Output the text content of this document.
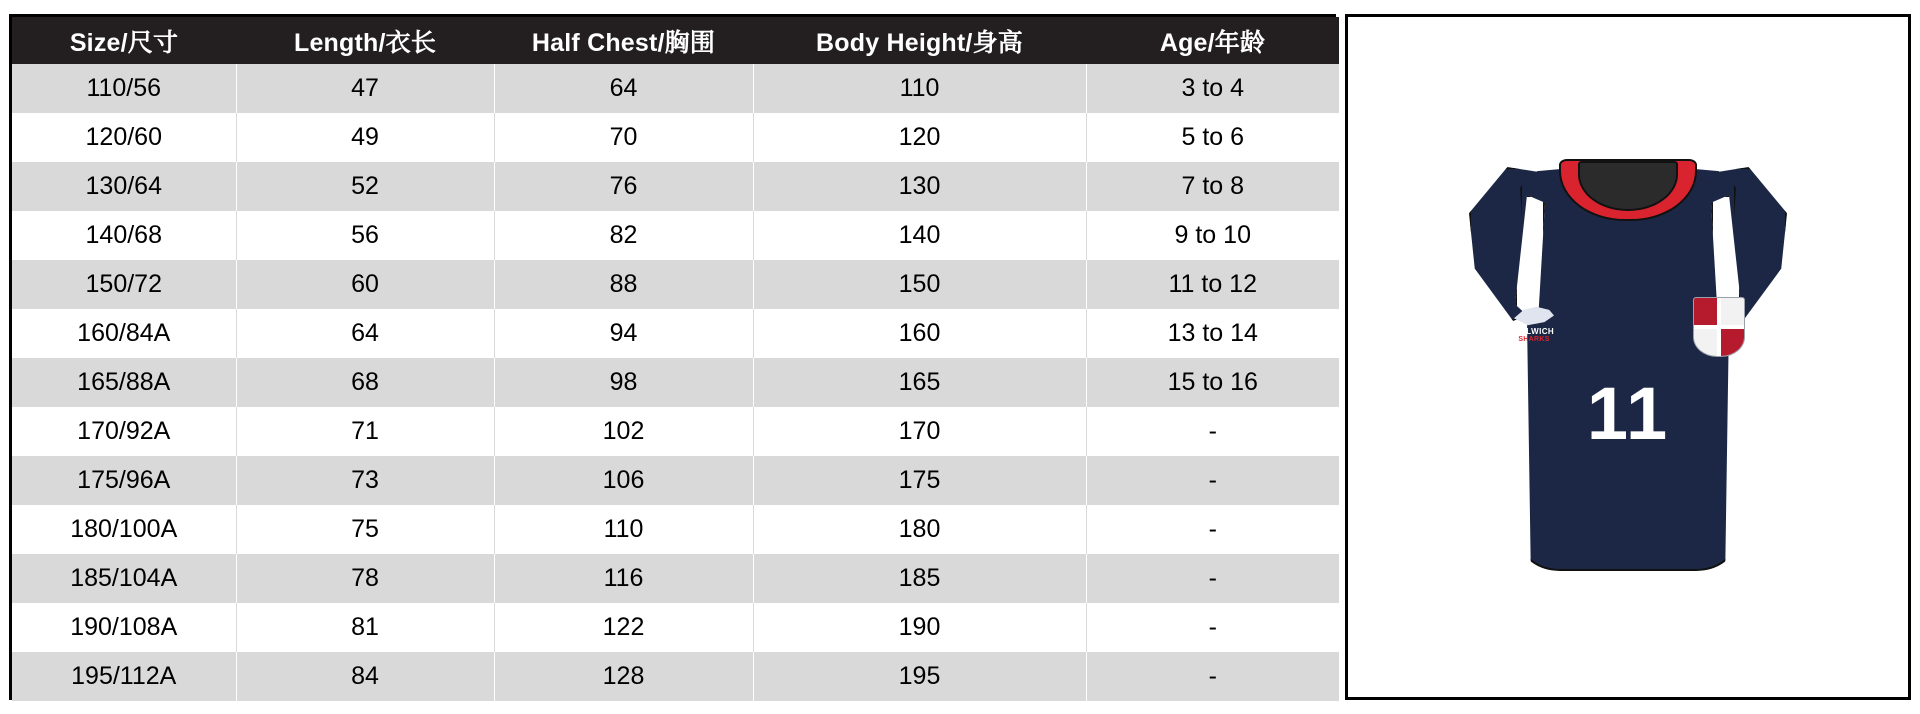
Size/尺寸	Length/衣长	Half Chest/胸围	Body Height/身高	Age/年龄
110/56	47	64	110	3 to 4
120/60	49	70	120	5 to 6
130/64	52	76	130	7 to 8
140/68	56	82	140	9 to 10
150/72	60	88	150	11 to 12
160/84A	64	94	160	13 to 14
165/88A	68	98	165	15 to 16
170/92A	71	102	170	-
175/96A	73	106	175	-
180/100A	75	110	180	-
185/104A	78	116	185	-
190/108A	81	122	190	-
195/112A	84	128	195	-
DULWICH
SHARKS
11
